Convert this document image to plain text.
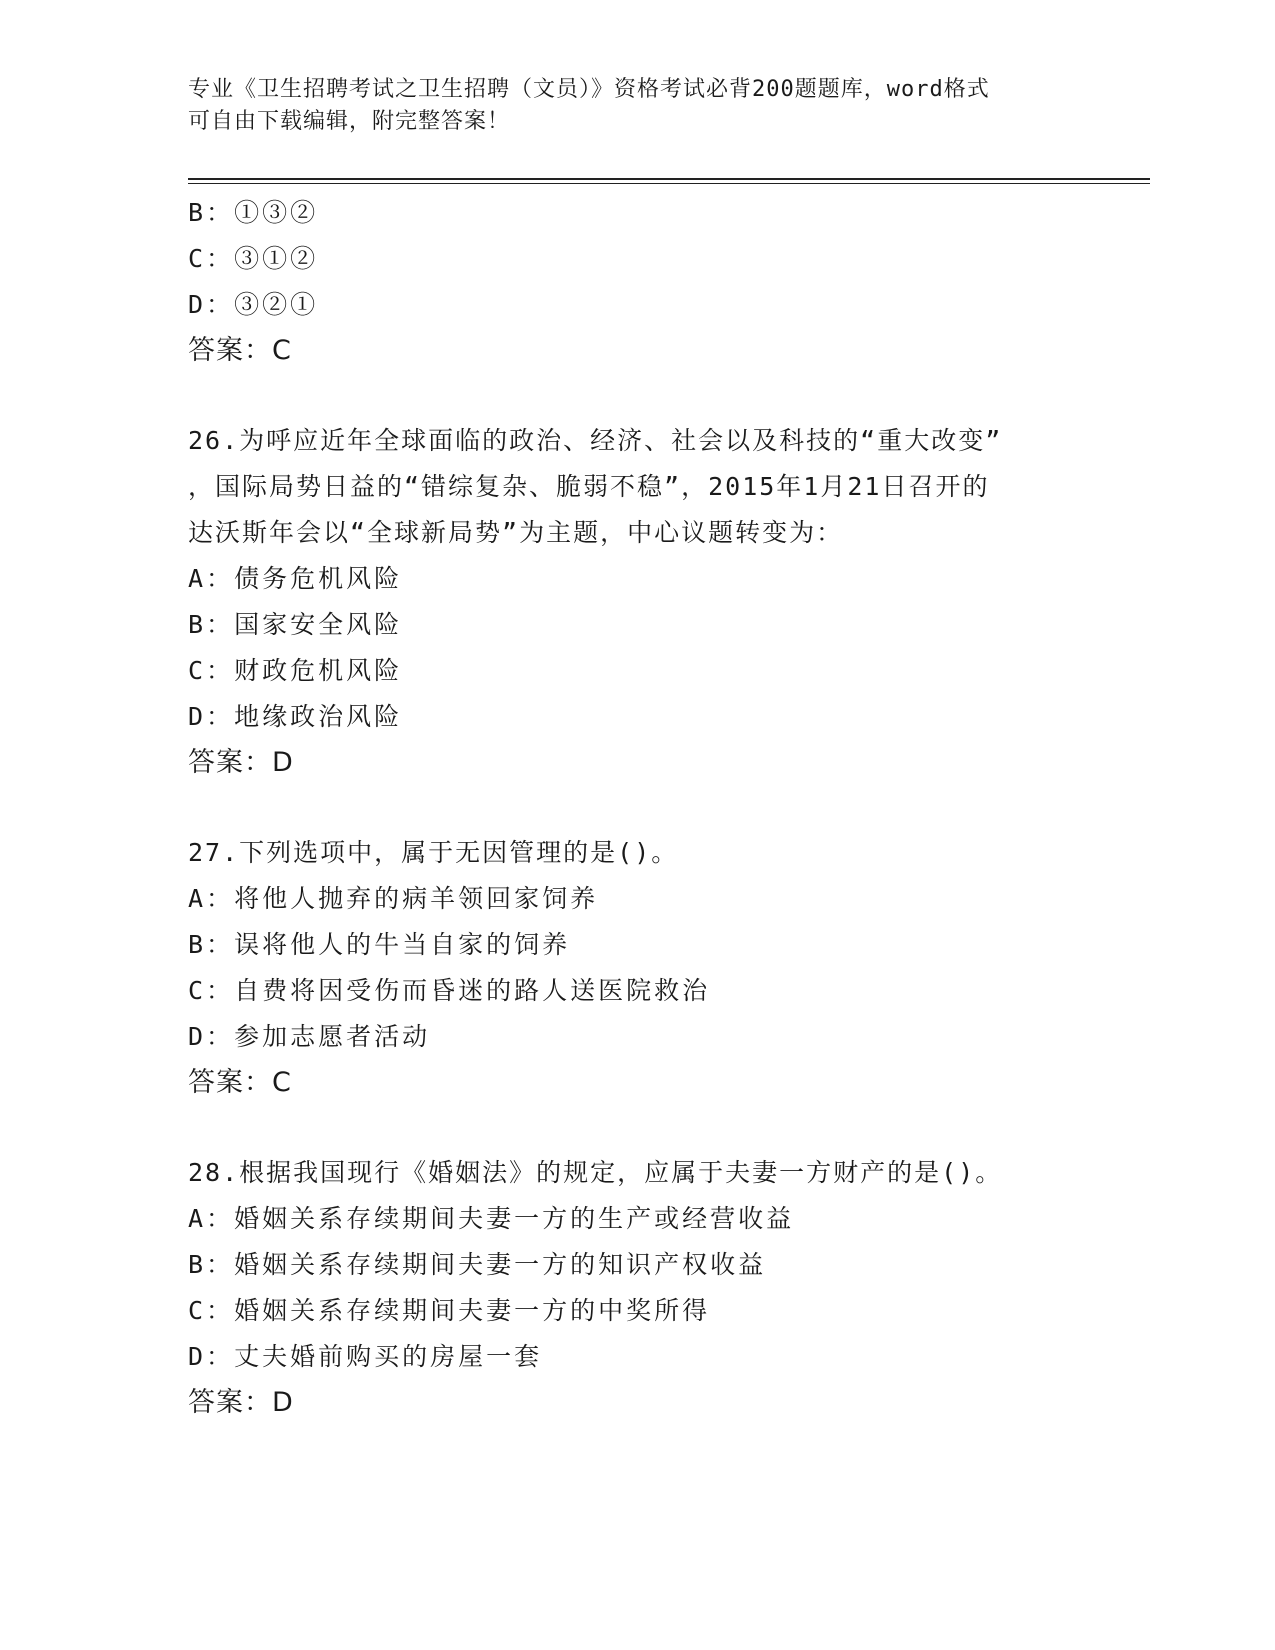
专业《卫生招聘考试之卫生招聘（文员）》资格考试必背200题题库，word格式
可自由下载编辑，附完整答案！
B：①③②
C：③①②
D：③②①
答案：C
26.为呼应近年全球面临的政治、经济、社会以及科技的“重大改变”
，国际局势日益的“错综复杂、脆弱不稳”，2015年1月21日召开的
达沃斯年会以“全球新局势”为主题，中心议题转变为：
A：债务危机风险
B：国家安全风险
C：财政危机风险
D：地缘政治风险
答案：D
27.下列选项中，属于无因管理的是()。
A：将他人抛弃的病羊领回家饲养
B：误将他人的牛当自家的饲养
C：自费将因受伤而昏迷的路人送医院救治
D：参加志愿者活动
答案：C
28.根据我国现行《婚姻法》的规定，应属于夫妻一方财产的是()。
A：婚姻关系存续期间夫妻一方的生产或经营收益
B：婚姻关系存续期间夫妻一方的知识产权收益
C：婚姻关系存续期间夫妻一方的中奖所得
D：丈夫婚前购买的房屋一套
答案：D
